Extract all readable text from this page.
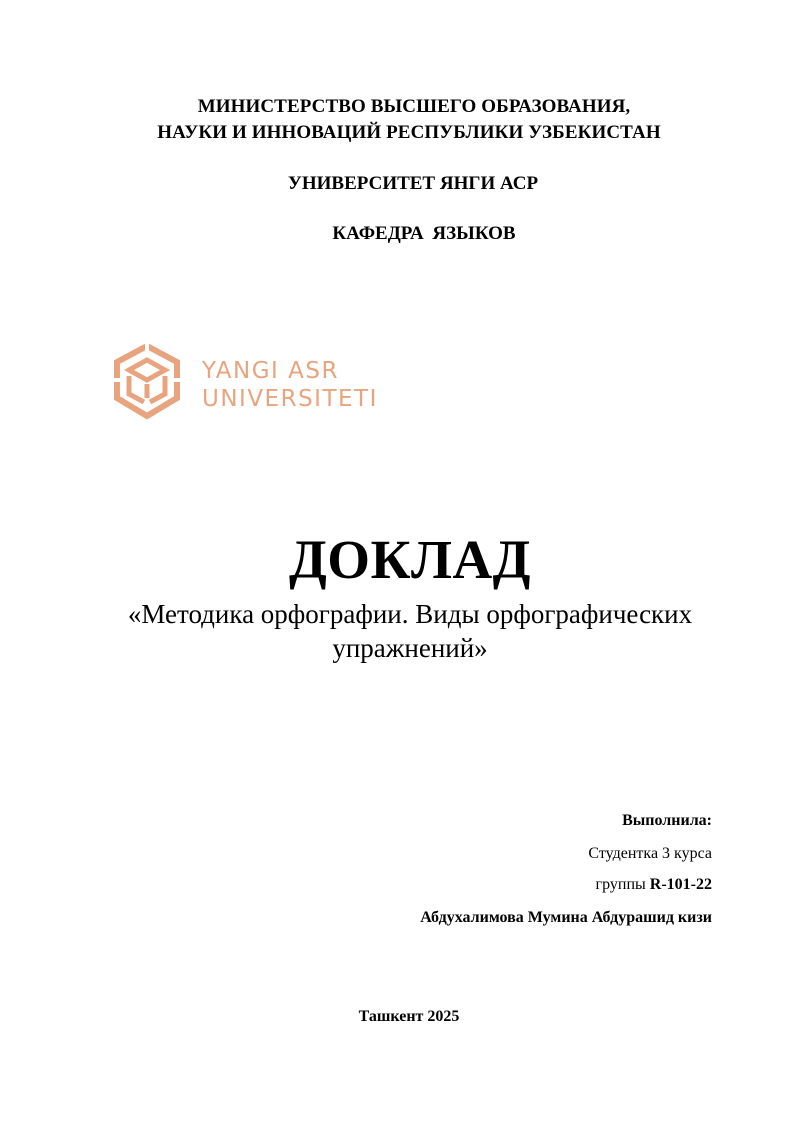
МИНИСТЕРСТВО ВЫСШЕГО ОБРАЗОВАНИЯ,
НАУКИ И ИННОВАЦИЙ РЕСПУБЛИКИ УЗБЕКИСТАН
УНИВЕРСИТЕТ ЯНГИ АСР
КАФЕДРА ЯЗЫКОВ
YANGI ASR
UNIVERSITETI
ДОКЛАД
«Методика орфографии. Виды орфографических
упражнений»
Выполнила:
Студентка 3 курса
группы R-101-22
Абдухалимова Мумина Абдурашид кизи
Ташкент 2025
